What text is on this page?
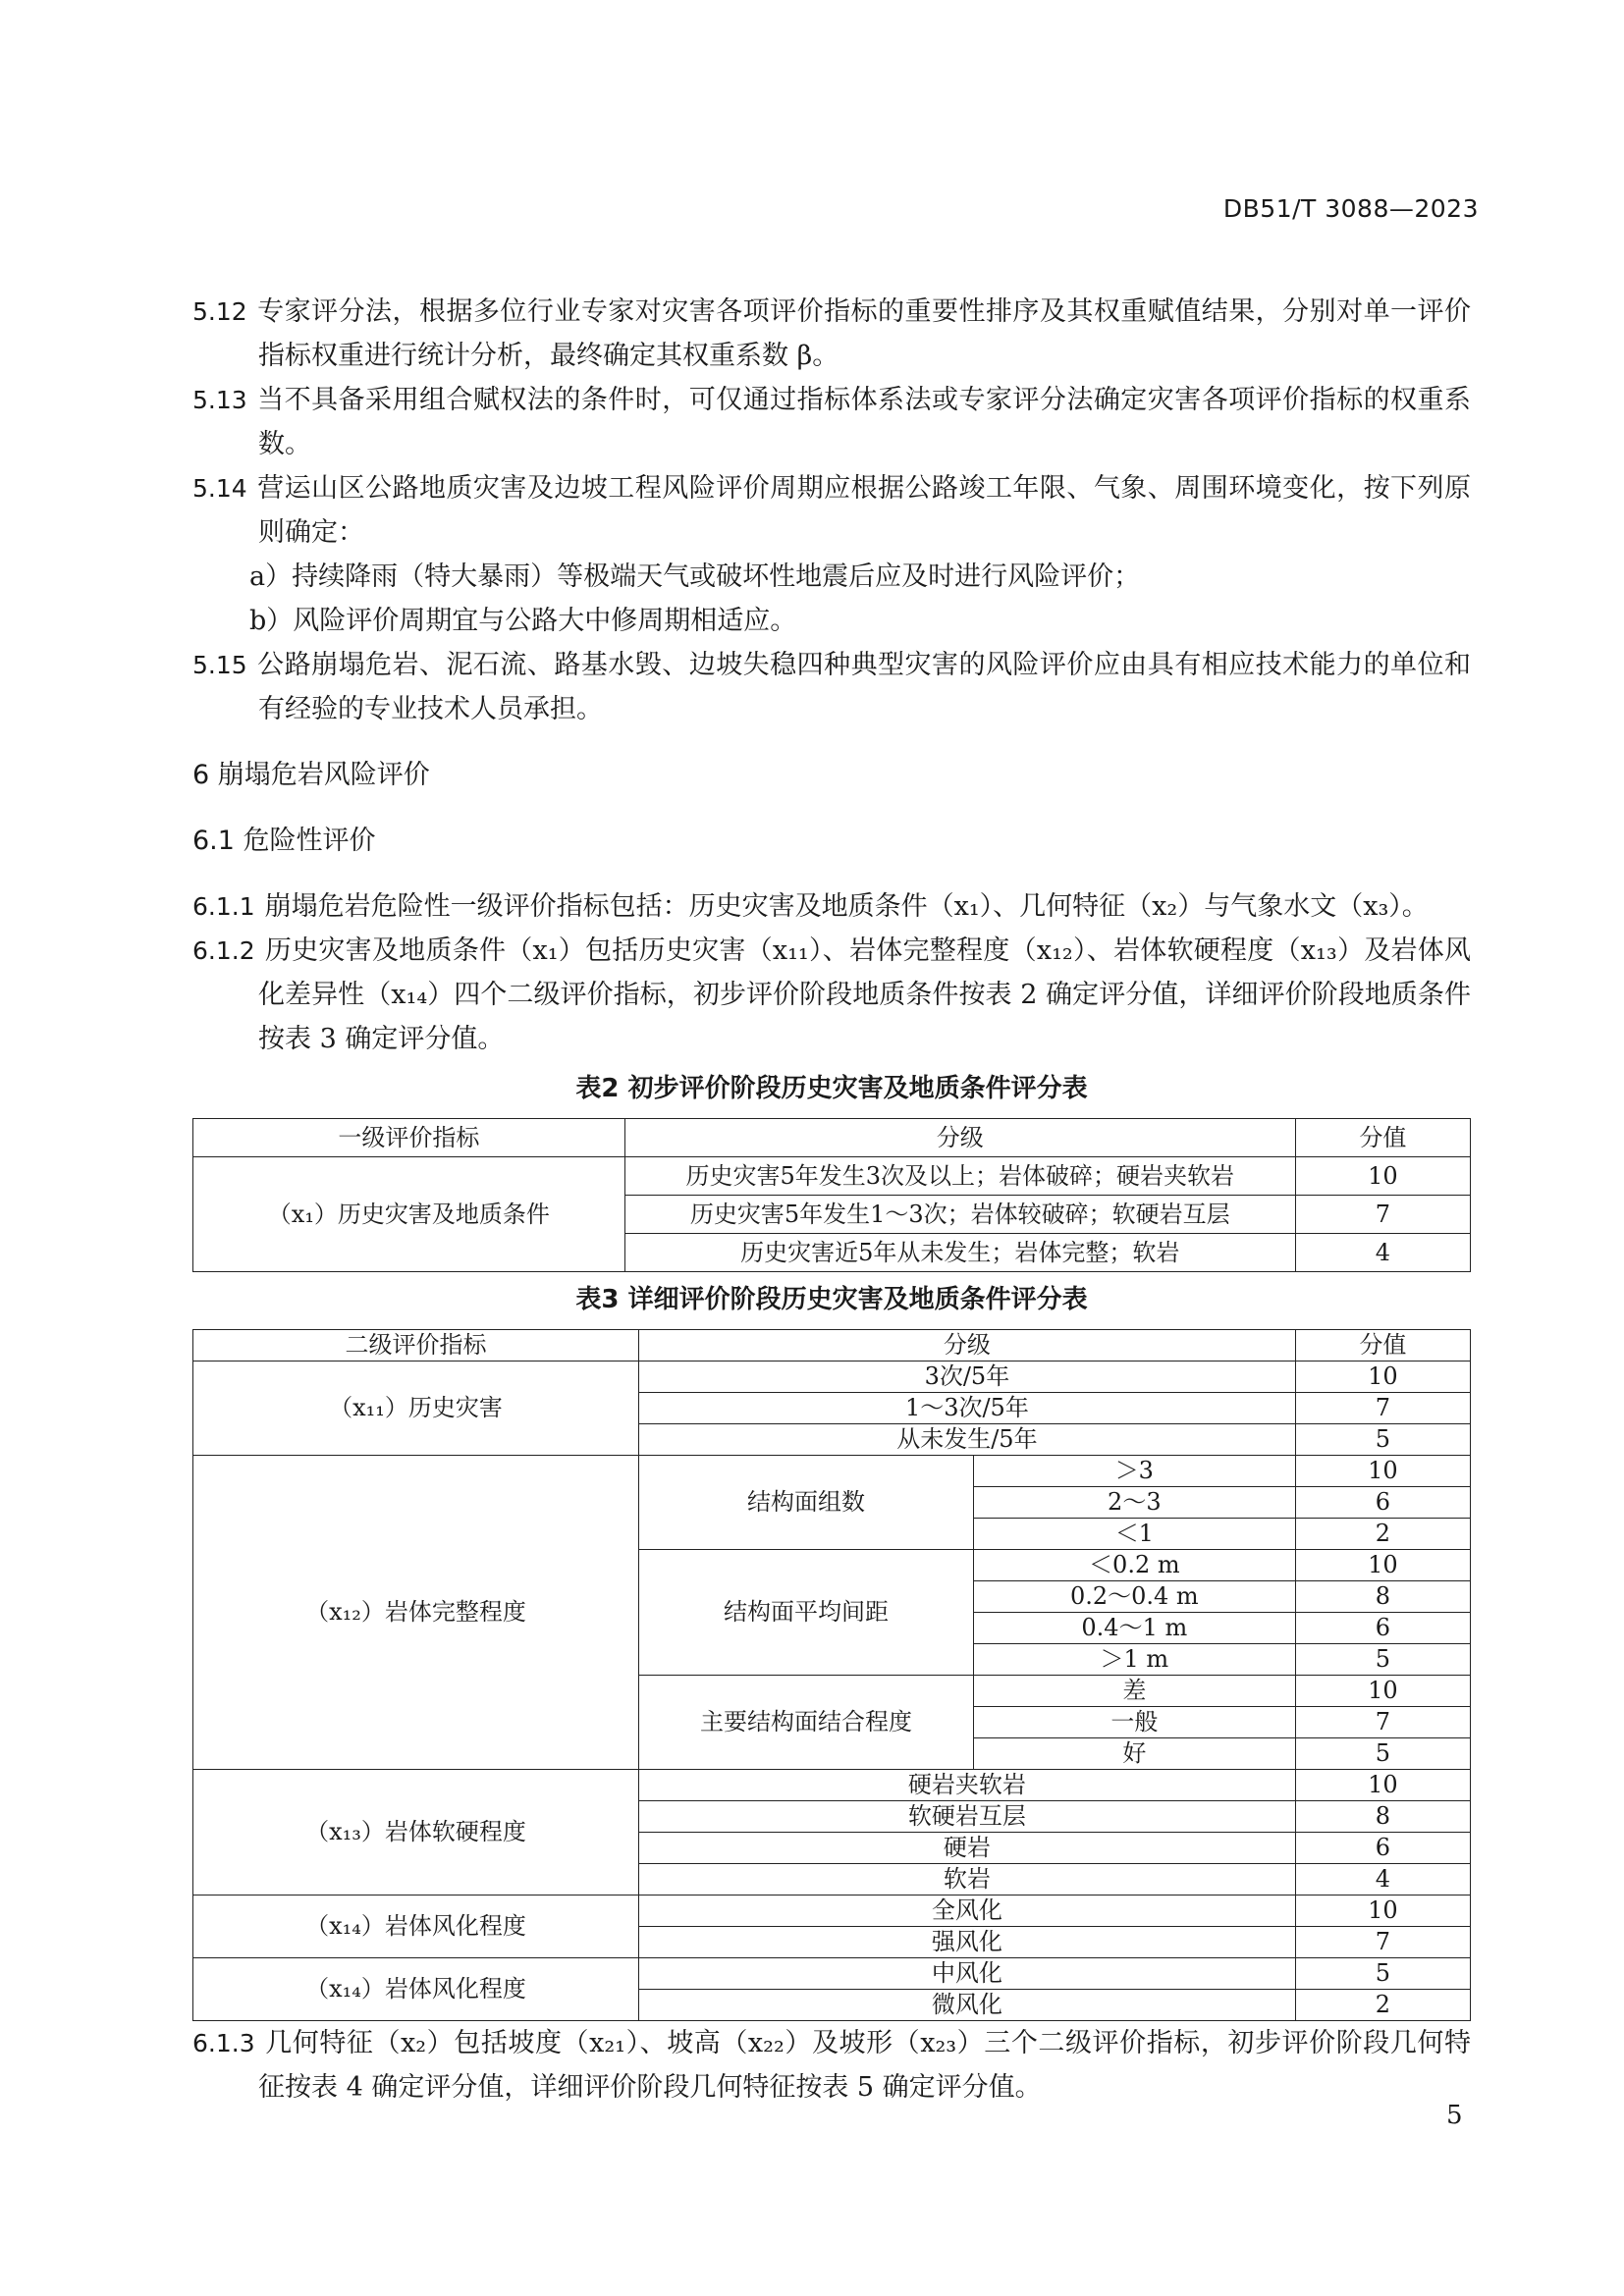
DB51/T 3088—2023

5.12 专家评分法，根据多位行业专家对灾害各项评价指标的重要性排序及其权重赋值结果，分别对单一评价指标权重进行统计分析，最终确定其权重系数 β。

5.13 当不具备采用组合赋权法的条件时，可仅通过指标体系法或专家评分法确定灾害各项评价指标的权重系数。

5.14 营运山区公路地质灾害及边坡工程风险评价周期应根据公路竣工年限、气象、周围环境变化，按下列原则确定：

a）持续降雨（特大暴雨）等极端天气或破坏性地震后应及时进行风险评价；

b）风险评价周期宜与公路大中修周期相适应。

5.15 公路崩塌危岩、泥石流、路基水毁、边坡失稳四种典型灾害的风险评价应由具有相应技术能力的单位和有经验的专业技术人员承担。

6 崩塌危岩风险评价
6.1 危险性评价

6.1.1 崩塌危岩危险性一级评价指标包括：历史灾害及地质条件（x₁）、几何特征（x₂）与气象水文（x₃）。

6.1.2 历史灾害及地质条件（x₁）包括历史灾害（x₁₁）、岩体完整程度（x₁₂）、岩体软硬程度（x₁₃）及岩体风化差异性（x₁₄）四个二级评价指标，初步评价阶段地质条件按表 2 确定评分值，详细评价阶段地质条件按表 3 确定评分值。

表2 初步评价阶段历史灾害及地质条件评分表
一级评价指标	分级	分值
（x₁）历史灾害及地质条件	历史灾害5年发生3次及以上；岩体破碎；硬岩夹软岩	10
	历史灾害5年发生1～3次；岩体较破碎；软硬岩互层	7
	历史灾害近5年从未发生；岩体完整；软岩	4
表3 详细评价阶段历史灾害及地质条件评分表
二级评价指标	分级		分值
（x₁₁）历史灾害	3次/5年		10
	1～3次/5年		7
	从未发生/5年		5
（x₁₂）岩体完整程度	结构面组数	＞3	10
		2～3	6
		＜1	2
	结构面平均间距	＜0.2 m	10
		0.2～0.4 m	8
		0.4～1 m	6
		＞1 m	5
	主要结构面结合程度	差	10
		一般	7
		好	5
（x₁₃）岩体软硬程度	硬岩夹软岩		10
	软硬岩互层		8
	硬岩		6
	软岩		4
（x₁₄）岩体风化程度	全风化		10
	强风化		7
（x₁₄）岩体风化程度	中风化		5
	微风化		2

6.1.3 几何特征（x₂）包括坡度（x₂₁）、坡高（x₂₂）及坡形（x₂₃）三个二级评价指标，初步评价阶段几何特征按表 4 确定评分值，详细评价阶段几何特征按表 5 确定评分值。

5
